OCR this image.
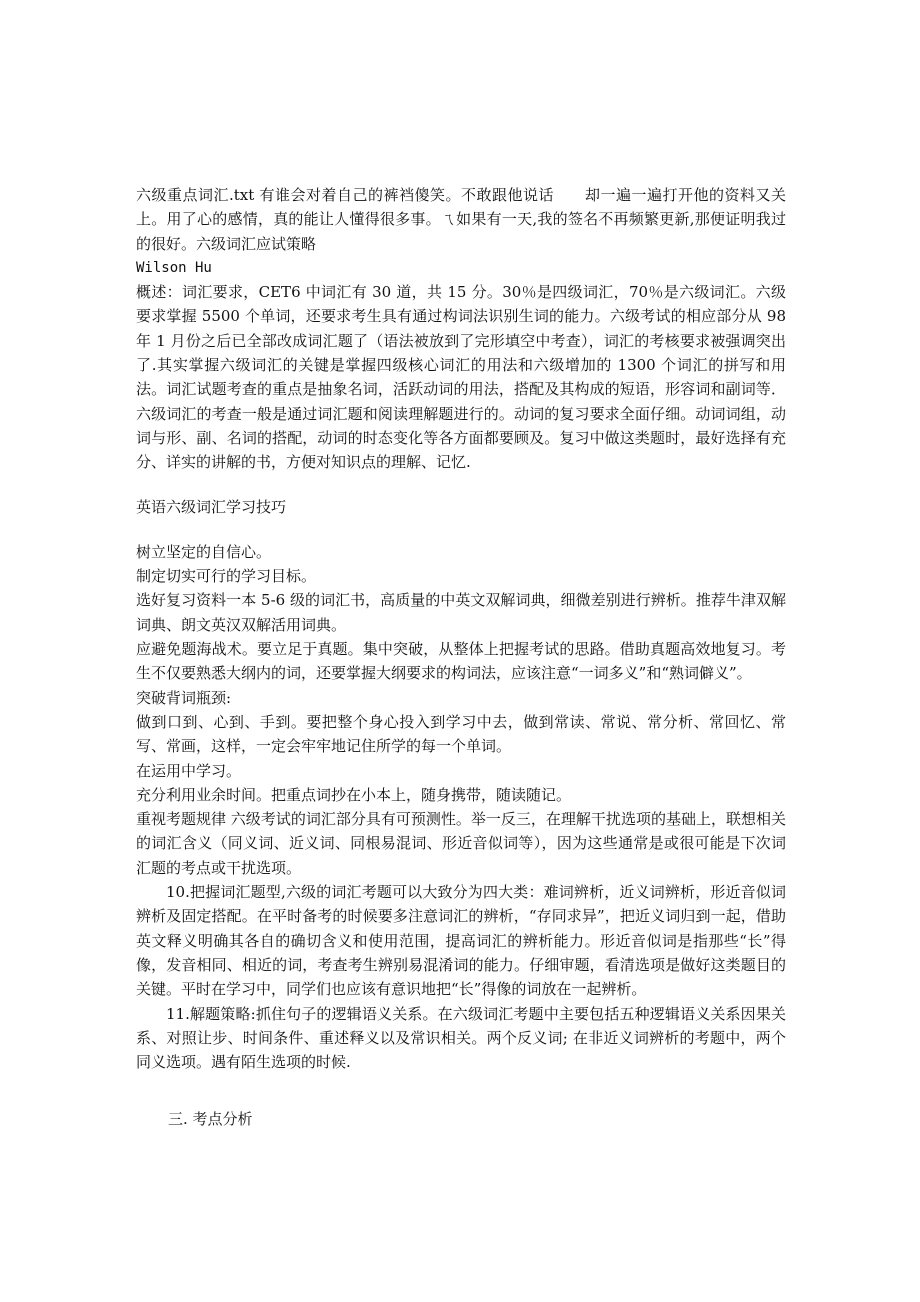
六级重点词汇.txt 有谁会对着自己的裤裆傻笑。不敢跟他说话　　却一遍一遍打开他的资料又关上。用了心的感情，真的能让人懂得很多事。ㄟ如果有一天,我的签名不再频繁更新,那便证明我过的很好。六级词汇应试策略

Wilson Hu

概述：词汇要求，CET6 中词汇有 30 道，共 15 分。30％是四级词汇，70％是六级词汇。六级要求掌握 5500 个单词，还要求考生具有通过构词法识别生词的能力。六级考试的相应部分从 98 年 1 月份之后已全部改成词汇题了（语法被放到了完形填空中考查），词汇的考核要求被强调突出了.其实掌握六级词汇的关键是掌握四级核心词汇的用法和六级增加的 1300 个词汇的拼写和用法。词汇试题考查的重点是抽象名词，活跃动词的用法，搭配及其构成的短语，形容词和副词等．六级词汇的考查一般是通过词汇题和阅读理解题进行的。动词的复习要求全面仔细。动词词组，动词与形、副、名词的搭配，动词的时态变化等各方面都要顾及。复习中做这类题时，最好选择有充分、详实的讲解的书，方便对知识点的理解、记忆.

英语六级词汇学习技巧

树立坚定的自信心。

制定切实可行的学习目标。

选好复习资料一本 5-6 级的词汇书，高质量的中英文双解词典，细微差别进行辨析。推荐牛津双解词典、朗文英汉双解活用词典。

应避免题海战术。要立足于真题。集中突破，从整体上把握考试的思路。借助真题高效地复习。考生不仅要熟悉大纲内的词，还要掌握大纲要求的构词法，应该注意“一词多义”和“熟词僻义”。

突破背词瓶颈:

做到口到、心到、手到。要把整个身心投入到学习中去，做到常读、常说、常分析、常回忆、常写、常画，这样，一定会牢牢地记住所学的每一个单词。

在运用中学习。

充分利用业余时间。把重点词抄在小本上，随身携带，随读随记。

重视考题规律 六级考试的词汇部分具有可预测性。举一反三，在理解干扰选项的基础上，联想相关的词汇含义（同义词、近义词、同根易混词、形近音似词等），因为这些通常是或很可能是下次词汇题的考点或干扰选项。

10.把握词汇题型,六级的词汇考题可以大致分为四大类：难词辨析，近义词辨析，形近音似词辨析及固定搭配。在平时备考的时候要多注意词汇的辨析，“存同求异”，把近义词归到一起，借助英文释义明确其各自的确切含义和使用范围，提高词汇的辨析能力。形近音似词是指那些“长”得像，发音相同、相近的词，考查考生辨别易混淆词的能力。仔细审题，看清选项是做好这类题目的关键。平时在学习中，同学们也应该有意识地把“长”得像的词放在一起辨析。

11.解题策略:抓住句子的逻辑语义关系。在六级词汇考题中主要包括五种逻辑语义关系因果关系、对照让步、时间条件、重述释义以及常识相关。两个反义词; 在非近义词辨析的考题中，两个同义选项。遇有陌生选项的时候.

三. 考点分析
